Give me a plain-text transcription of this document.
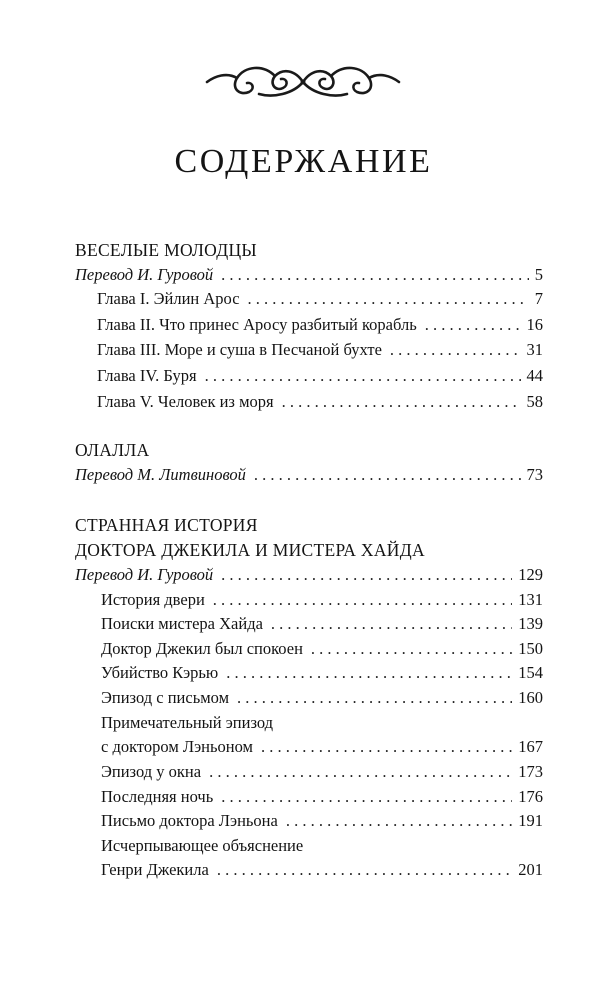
СОДЕРЖАНИЕ
ВЕСЕЛЫЕ МОЛОДЦЫ
Перевод И. Гуровой . . .	5
Глава I. Эйлин Арос . . .	7
Глава II. Что принес Аросу разбитый корабль . . .	16
Глава III. Море и суша в Песчаной бухте . . .	31
Глава IV. Буря . . .	44
Глава V. Человек из моря . . .	58
ОЛАЛЛА
Перевод М. Литвиновой . . .	73
СТРАННАЯ ИСТОРИЯ
ДОКТОРА ДЖЕКИЛА И МИСТЕРА ХАЙДА
Перевод И. Гуровой . . .	129
История двери . . .	131
Поиски мистера Хайда . . .	139
Доктор Джекил был спокоен . . .	150
Убийство Кэрью . . .	154
Эпизод с письмом . . .	160
Примечательный эпизод
с доктором Лэньоном . . .	167
Эпизод у окна . . .	173
Последняя ночь . . .	176
Письмо доктора Лэньона . . .	191
Исчерпывающее объяснение
Генри Джекила . . .	201
